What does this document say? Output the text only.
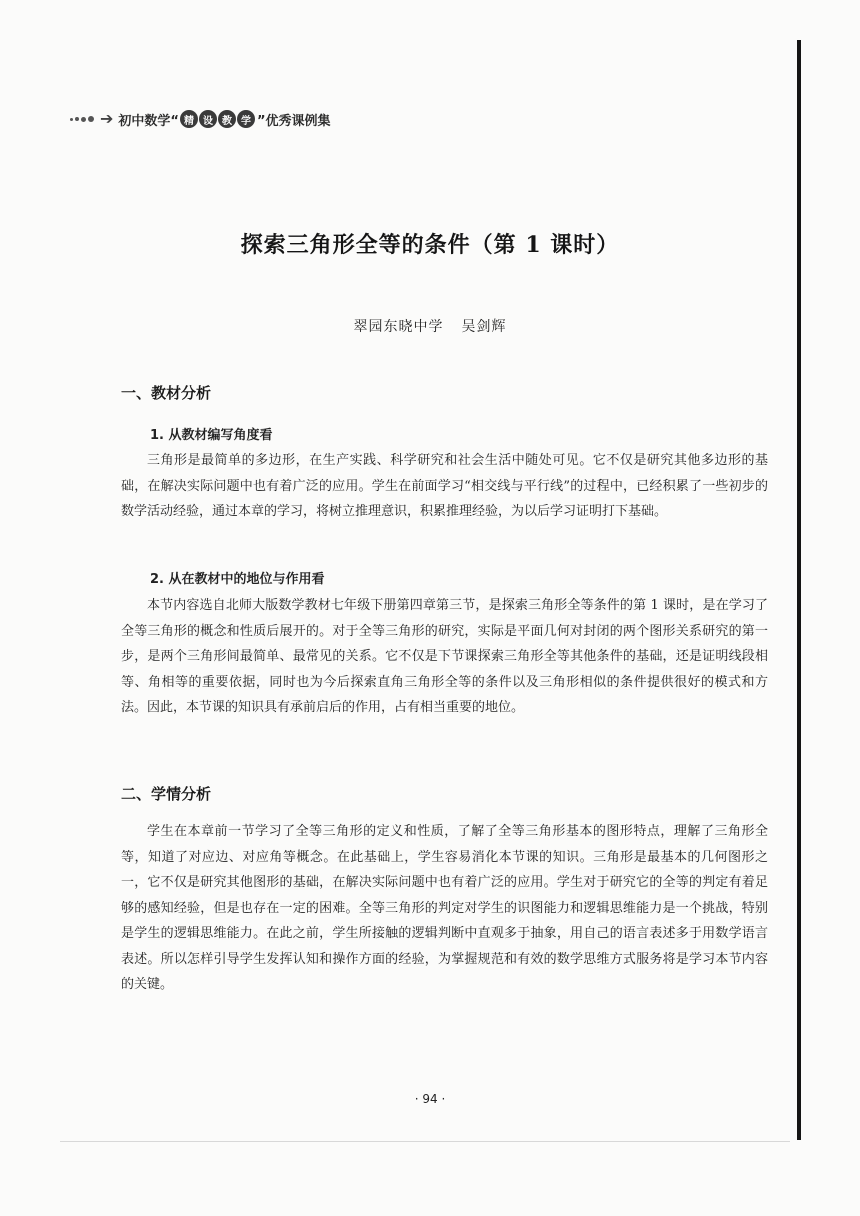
➔ 初中数学“ 精 设 教 学 ”优秀课例集
探索三角形全等的条件（第 1 课时）
翠园东晓中学 吴剑辉
一、教材分析
1. 从教材编写角度看
三角形是最简单的多边形，在生产实践、科学研究和社会生活中随处可见。它不仅是研究其他多边形的基础，在解决实际问题中也有着广泛的应用。学生在前面学习“相交线与平行线”的过程中，已经积累了一些初步的数学活动经验，通过本章的学习，将树立推理意识，积累推理经验，为以后学习证明打下基础。
2. 从在教材中的地位与作用看
本节内容选自北师大版数学教材七年级下册第四章第三节，是探索三角形全等条件的第 1 课时，是在学习了全等三角形的概念和性质后展开的。对于全等三角形的研究，实际是平面几何对封闭的两个图形关系研究的第一步，是两个三角形间最简单、最常见的关系。它不仅是下节课探索三角形全等其他条件的基础，还是证明线段相等、角相等的重要依据，同时也为今后探索直角三角形全等的条件以及三角形相似的条件提供很好的模式和方法。因此，本节课的知识具有承前启后的作用，占有相当重要的地位。
二、学情分析
学生在本章前一节学习了全等三角形的定义和性质，了解了全等三角形基本的图形特点，理解了三角形全等，知道了对应边、对应角等概念。在此基础上，学生容易消化本节课的知识。三角形是最基本的几何图形之一，它不仅是研究其他图形的基础，在解决实际问题中也有着广泛的应用。学生对于研究它的全等的判定有着足够的感知经验，但是也存在一定的困难。全等三角形的判定对学生的识图能力和逻辑思维能力是一个挑战，特别是学生的逻辑思维能力。在此之前，学生所接触的逻辑判断中直观多于抽象，用自己的语言表述多于用数学语言表述。所以怎样引导学生发挥认知和操作方面的经验，为掌握规范和有效的数学思维方式服务将是学习本节内容的关键。
· 94 ·
